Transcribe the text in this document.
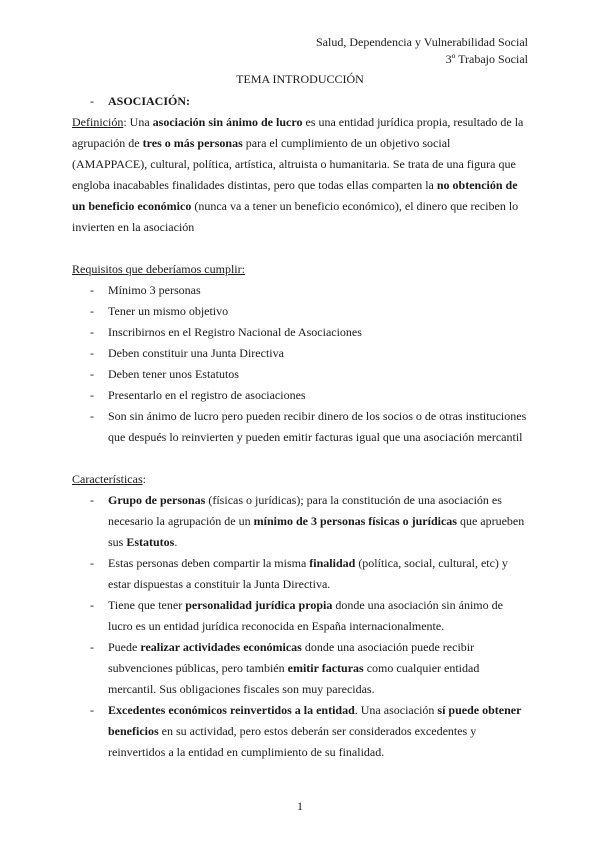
Salud, Dependencia y Vulnerabilidad Social
3º Trabajo Social
TEMA INTRODUCCIÓN
- ASOCIACIÓN:

Definición: Una asociación sin ánimo de lucro es una entidad jurídica propia, resultado de la agrupación de tres o más personas para el cumplimiento de un objetivo social (AMAPPACE), cultural, política, artística, altruista o humanitaria. Se trata de una figura que engloba inacabables finalidades distintas, pero que todas ellas comparten la no obtención de un beneficio económico (nunca va a tener un beneficio económico), el dinero que reciben lo invierten en la asociación

Requisitos que deberíamos cumplir:
- Mínimo 3 personas
- Tener un mismo objetivo
- Inscribirnos en el Registro Nacional de Asociaciones
- Deben constituir una Junta Directiva
- Deben tener unos Estatutos
- Presentarlo en el registro de asociaciones
- Son sin ánimo de lucro pero pueden recibir dinero de los socios o de otras instituciones que después lo reinvierten y pueden emitir facturas igual que una asociación mercantil
Características:
- Grupo de personas (físicas o jurídicas); para la constitución de una asociación es necesario la agrupación de un mínimo de 3 personas físicas o jurídicas que aprueben sus Estatutos.
- Estas personas deben compartir la misma finalidad (política, social, cultural, etc) y estar dispuestas a constituir la Junta Directiva.
- Tiene que tener personalidad jurídica propia donde una asociación sin ánimo de lucro es un entidad jurídica reconocida en España internacionalmente.
- Puede realizar actividades económicas donde una asociación puede recibir subvenciones públicas, pero también emitir facturas como cualquier entidad mercantil. Sus obligaciones fiscales son muy parecidas.
- Excedentes económicos reinvertidos a la entidad. Una asociación sí puede obtener beneficios en su actividad, pero estos deberán ser considerados excedentes y reinvertidos a la entidad en cumplimiento de su finalidad.
1
